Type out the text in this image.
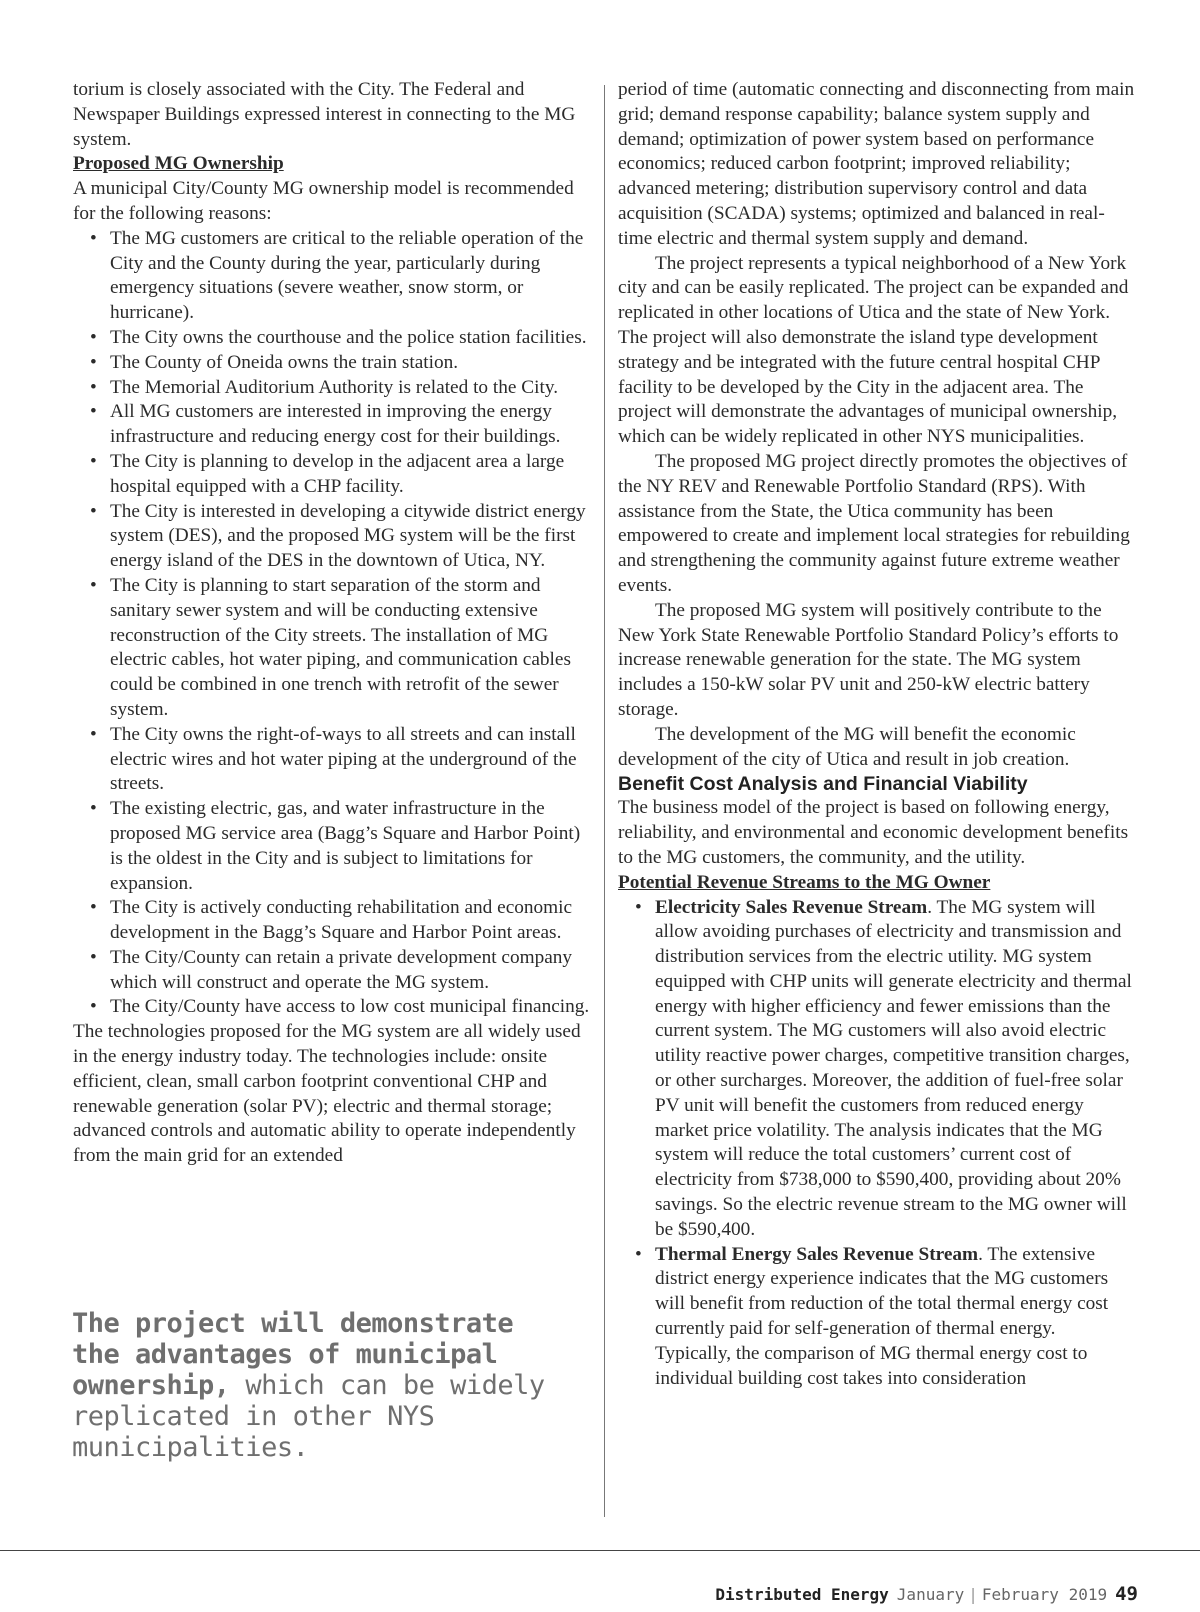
torium is closely associated with the City. The Federal and Newspaper Buildings expressed interest in connecting to the MG system.

Proposed MG Ownership

A municipal City/County MG ownership model is recommended for the following reasons:

• The MG customers are critical to the reliable operation of the City and the County during the year, particularly during emergency situations (severe weather, snow storm, or hurricane).
• The City owns the courthouse and the police station facilities.
• The County of Oneida owns the train station.
• The Memorial Auditorium Authority is related to the City.
• All MG customers are interested in improving the energy infrastructure and reducing energy cost for their buildings.
• The City is planning to develop in the adjacent area a large hospital equipped with a CHP facility.
• The City is interested in developing a citywide district energy system (DES), and the proposed MG system will be the first energy island of the DES in the downtown of Utica, NY.
• The City is planning to start separation of the storm and sanitary sewer system and will be conducting extensive reconstruction of the City streets. The installation of MG electric cables, hot water piping, and communication cables could be combined in one trench with retrofit of the sewer system.
• The City owns the right-of-ways to all streets and can install electric wires and hot water piping at the underground of the streets.
• The existing electric, gas, and water infrastructure in the proposed MG service area (Bagg’s Square and Harbor Point) is the oldest in the City and is subject to limitations for expansion.
• The City is actively conducting rehabilitation and economic development in the Bagg’s Square and Harbor Point areas.
• The City/County can retain a private development company which will construct and operate the MG system.
• The City/County have access to low cost municipal financing.

The technologies proposed for the MG system are all widely used in the energy industry today. The technologies include: onsite efficient, clean, small carbon footprint conventional CHP and renewable generation (solar PV); electric and thermal storage; advanced controls and automatic ability to operate independently from the main grid for an extended

The project will demonstrate the advantages of municipal ownership, which can be widely replicated in other NYS municipalities.

period of time (automatic connecting and disconnecting from main grid; demand response capability; balance system supply and demand; optimization of power system based on performance economics; reduced carbon footprint; improved reliability; advanced metering; distribution supervisory control and data acquisition (SCADA) systems; optimized and balanced in real-time electric and thermal system supply and demand.

The project represents a typical neighborhood of a New York city and can be easily replicated. The project can be expanded and replicated in other locations of Utica and the state of New York. The project will also demonstrate the island type development strategy and be integrated with the future central hospital CHP facility to be developed by the City in the adjacent area. The project will demonstrate the advantages of municipal ownership, which can be widely replicated in other NYS municipalities.

The proposed MG project directly promotes the objectives of the NY REV and Renewable Portfolio Standard (RPS). With assistance from the State, the Utica community has been empowered to create and implement local strategies for rebuilding and strengthening the community against future extreme weather events.

The proposed MG system will positively contribute to the New York State Renewable Portfolio Standard Policy’s efforts to increase renewable generation for the state. The MG system includes a 150-kW solar PV unit and 250-kW electric battery storage.

The development of the MG will benefit the economic development of the city of Utica and result in job creation.

Benefit Cost Analysis and Financial Viability

The business model of the project is based on following energy, reliability, and environmental and economic development benefits to the MG customers, the community, and the utility.

Potential Revenue Streams to the MG Owner

• Electricity Sales Revenue Stream. The MG system will allow avoiding purchases of electricity and transmission and distribution services from the electric utility. MG system equipped with CHP units will generate electricity and thermal energy with higher efficiency and fewer emissions than the current system. The MG customers will also avoid electric utility reactive power charges, competitive transition charges, or other surcharges. Moreover, the addition of fuel-free solar PV unit will benefit the customers from reduced energy market price volatility. The analysis indicates that the MG system will reduce the total customers’ current cost of electricity from $738,000 to $590,400, providing about 20% savings. So the electric revenue stream to the MG owner will be $590,400.
• Thermal Energy Sales Revenue Stream. The extensive district energy experience indicates that the MG customers will benefit from reduction of the total thermal energy cost currently paid for self-generation of thermal energy. Typically, the comparison of MG thermal energy cost to individual building cost takes into consideration
Distributed Energy January | February 2019 49
